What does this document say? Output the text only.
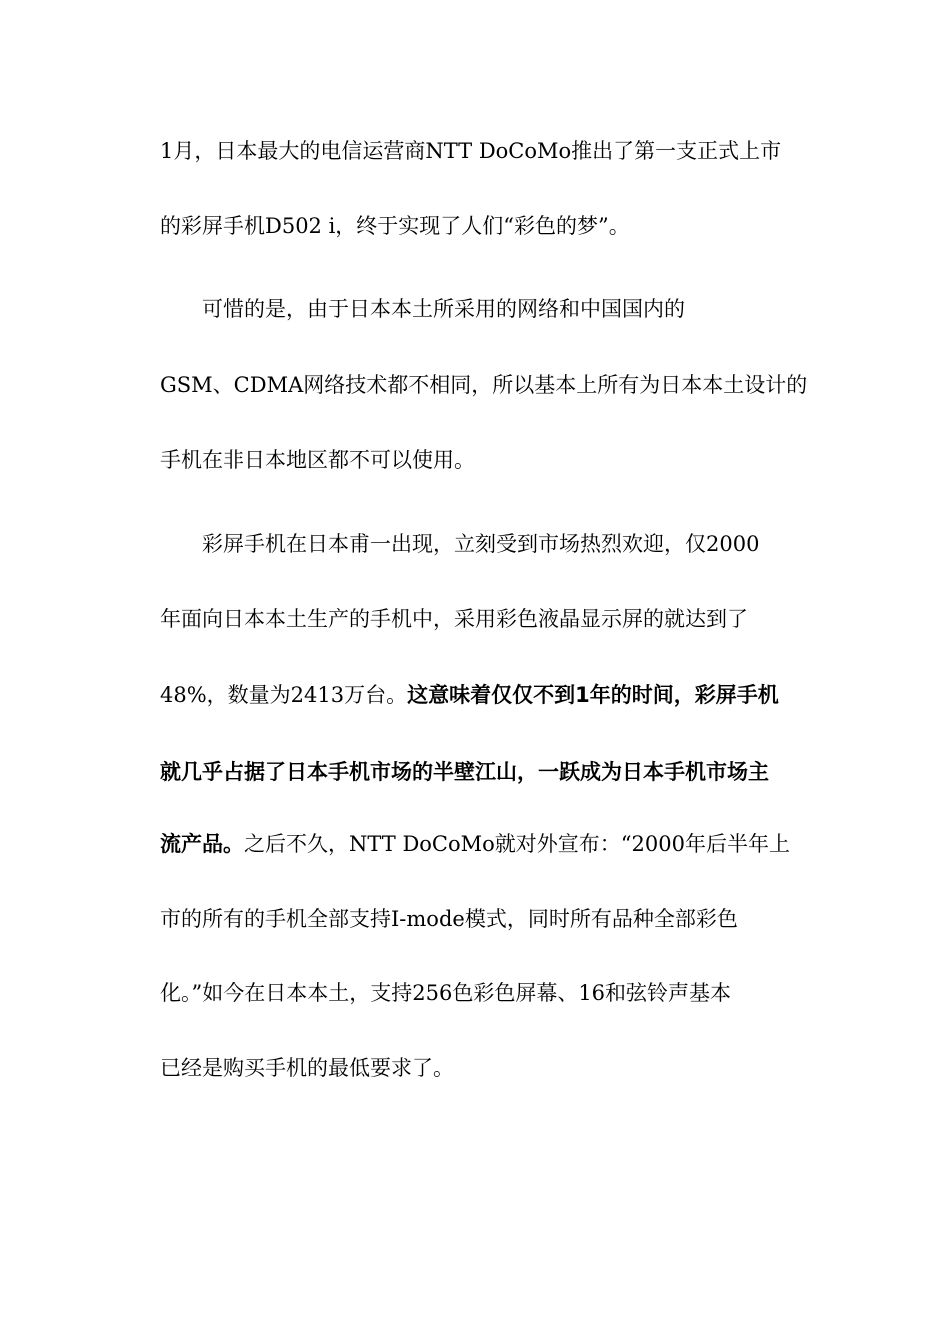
1月，日本最大的电信运营商NTT DoCoMo推出了第一支正式上市
的彩屏手机D502 i，终于实现了人们“彩色的梦”。
可惜的是，由于日本本土所采用的网络和中国国内的
GSM、CDMA网络技术都不相同，所以基本上所有为日本本土设计的
手机在非日本地区都不可以使用。
彩屏手机在日本甫一出现，立刻受到市场热烈欢迎，仅2000
年面向日本本土生产的手机中，采用彩色液晶显示屏的就达到了
48%，数量为2413万台。这意味着仅仅不到1年的时间，彩屏手机
就几乎占据了日本手机市场的半壁江山，一跃成为日本手机市场主
流产品。之后不久，NTT DoCoMo就对外宣布：“2000年后半年上
市的所有的手机全部支持I-mode模式，同时所有品种全部彩色
化。”如今在日本本土，支持256色彩色屏幕、16和弦铃声基本
已经是购买手机的最低要求了。
